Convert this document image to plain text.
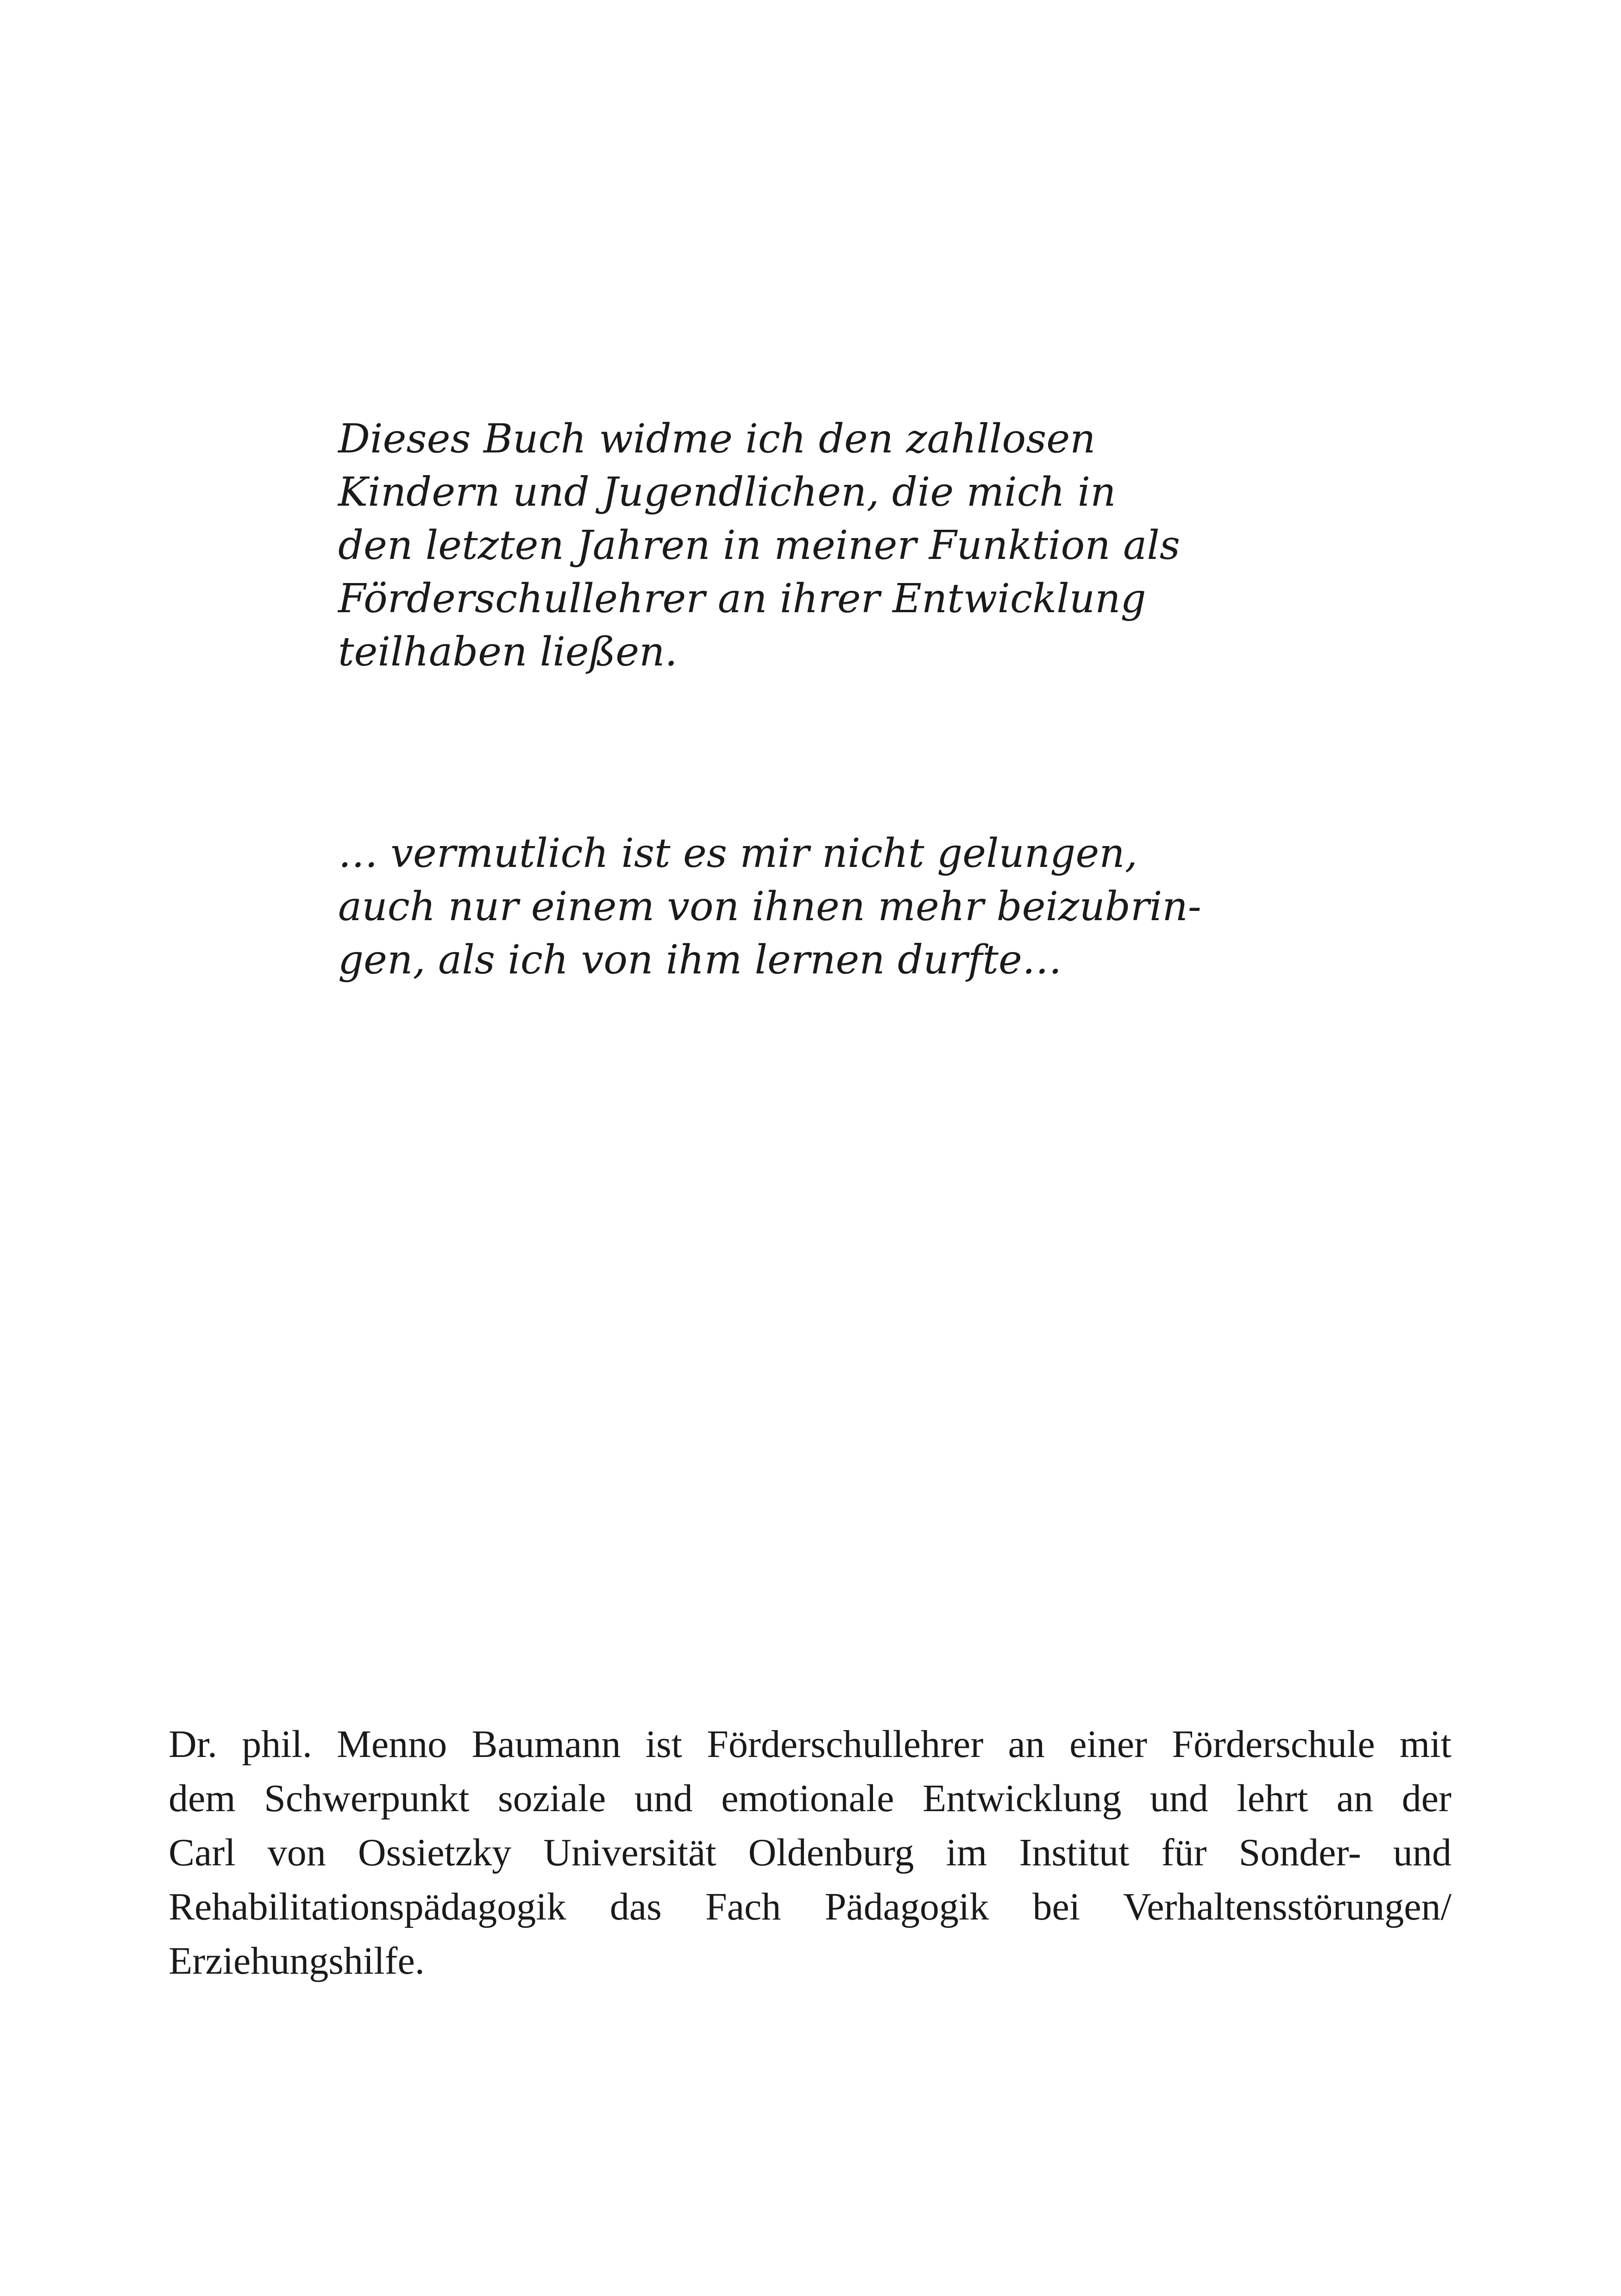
Dieses Buch widme ich den zahllosen
Kindern und Jugendlichen, die mich in
den letzten Jahren in meiner Funktion als
Förderschullehrer an ihrer Entwicklung
teilhaben ließen.
… vermutlich ist es mir nicht gelungen,
auch nur einem von ihnen mehr beizubrin-
gen, als ich von ihm lernen durfte…
Dr. phil. Menno Baumann ist Förderschullehrer an einer Förderschule mit
dem Schwerpunkt soziale und emotionale Entwicklung und lehrt an der
Carl von Ossietzky Universität Oldenburg im Institut für Sonder- und
Rehabilitationspädagogik das Fach Pädagogik bei Verhaltensstörungen/
Erziehungshilfe.
